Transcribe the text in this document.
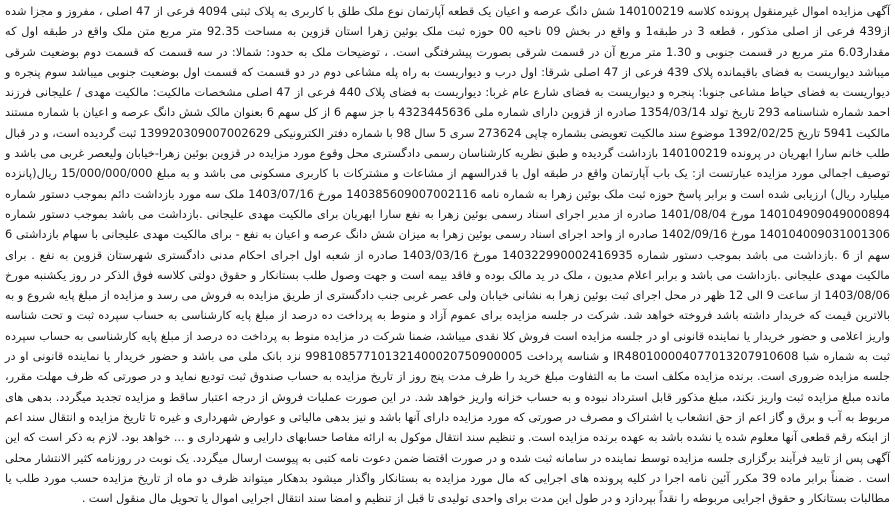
آگهی مزایده اموال غیرمنقول پرونده کلاسه 140100219 شش دانگ عرصه و اعیان یک قطعه آپارتمان نوع ملک طلق با کاربری به پلاک ثبتی 4094 فرعی از 47 اصلی ، مفروز و مجزا شده از439 فرعی از اصلی مذکور ، قطعه 3 در طبقه1 و واقع در بخش 09 ناحیه 00 حوزه ثبت ملک بوئین زهرا استان قزوین به مساحت 92.35 متر مربع متن ملک واقع در طبقه اول که مقدار6.03 متر مربع در قسمت جنوبی و 1.30 متر مربع آن در قسمت شرقی بصورت پیشرفتگی است. ، توضیحات ملک به حدود: شمالا: در سه قسمت که قسمت دوم بوضعیت شرقی میباشد دیواریست به فضای باقیمانده پلاک 439 فرعی از 47 اصلی شرقا: اول درب و دیواریست به راه پله مشاعی دوم در دو قسمت که قسمت اول بوضعیت جنوبی میباشد سوم پنجره و دیواریست به فضای حیاط مشاعی جنوبا: پنجره و دیواریست به فضای شارع عام غربا: دیواریست به فضای پلاک 440 فرعی از 47 اصلی مشخصات مالکیت: مالکیت مهدی / علیجانی فرزند احمد شماره شناسنامه 293 تاریخ تولد 1354/03/14 صادره از قزوین دارای شماره ملی 4323445636 با جز سهم 6 از کل سهم 6 بعنوان مالک شش دانگ عرصه و اعیان با شماره مستند مالکیت 5941 تاریخ 1392/02/25 موضوع سند مالکیت تعویضی بشماره چاپی 273624 سری 5 سال 98 با شماره دفتر الکترونیکی 139920309007002629 ثبت گردیده است، و در قبال طلب خانم سارا ابهریان در پرونده 140100219 بازداشت گردیده و طبق نظریه کارشناسان رسمی دادگستری محل وقوع مورد مزایده در قزوین بوئین زهرا-خیابان ولیعصر غربی می باشد و توصیف اجمالی مورد مزایده عبارتست از: یک باب آپارتمان واقع در طبقه اول با قدرالسهم از مشاعات و مشترکات با کاربری مسکونی می باشد و به مبلغ 15/000/000/000 ریال(پانزده میلیارد ریال) ارزیابی شده است و برابر پاسخ حوزه ثبت ملک بوئین زهرا به شماره نامه 140385609007002116 مورخ 1403/07/16 ملک سه مورد بازداشت دائم بموجب دستور شماره 140104909049000894 مورخ 1401/08/04 صادره از مدیر اجرای اسناد رسمی بوئین زهرا به نفع سارا ابهریان برای مالکیت مهدی علیجانی .بازداشت می باشد بموجب دستور شماره 140104009031001306 مورخ 1402/09/16 صادره از واحد اجرای اسناد رسمی بوئین زهرا به میزان شش دانگ عرصه و اعیان به نفع - برای مالکیت مهدی علیجانی با سهام بازداشتی 6 سهم از 6 .بازداشت می باشد بموجب دستور شماره 140322990002416935 مورخ 1403/03/16 صادره از شعبه اول اجرای احکام مدنی دادگستری شهرستان قزوین به نفع . برای مالکیت مهدی علیجانی .بازداشت می باشد و برابر اعلام مدیون ، ملک در ید مالک بوده و فاقد بیمه است و جهت وصول طلب بستانکار و حقوق دولتی کلاسه فوق الذکر در روز یکشنبه مورخ 1403/08/06 از ساعت 9 الی 12 ظهر در محل اجرای ثبت بوئین زهرا به نشانی خیابان ولی عصر غربی جنب دادگستری از طریق مزایده به فروش می رسد و مزایده از مبلغ پایه شروع و به بالاترین قیمت که خریدار داشته باشد فروخته خواهد شد. شرکت در جلسه مزایده برای عموم آزاد و منوط به پرداخت ده درصد از مبلغ پایه کارشناسی به حساب سپرده ثبت و تحت شناسه واریز اعلامی و حضور خریدار یا نماینده قانونی او در جلسه مزایده است فروش کلا نقدی میباشد، ضمنا شرکت در مزایده منوط به پرداخت ده درصد از مبلغ پایه کارشناسی به حساب سپرده ثبت به شماره شبا IR480100004077013207910608 و شناسه پرداخت 998108577101321400020750900005 نزد بانک ملی می باشد و حضور خریدار یا نماینده قانونی او در جلسه مزایده ضروری است. برنده مزایده مکلف است ما به التفاوت مبلغ خرید را ظرف مدت پنج روز از تاریخ مزایده به حساب صندوق ثبت تودیع نماید و در صورتی که ظرف مهلت مقرر، مانده مبلغ مزایده ثبت واریز نکند، مبلغ مذکور قابل استرداد نبوده و به حساب خزانه واریز خواهد شد. در این صورت عملیات فروش از درجه اعتبار ساقط و مزایده تجدید میگردد. بدهی های مربوط به آب و برق و گاز اعم از حق انشعاب یا اشتراک و مصرف در صورتی که مورد مزایده دارای آنها باشد و نیز بدهی مالیاتی و عوارض شهرداری و غیره تا تاریخ مزایده و انتقال سند اعم از اینکه رقم قطعی آنها معلوم شده یا نشده باشد به عهده برنده مزایده است. و تنظیم سند انتقال موکول به ارائه مفاصا حسابهای دارایی و شهرداری و ... خواهد بود. لازم به ذکر است که این آگهی پس از تایید فرآیند برگزاری جلسه مزایده توسط نماینده در سامانه ثبت شده و در صورت اقتضا ضمن دعوت نامه کتبی به پیوست ارسال میگردد. یک نوبت در روزنامه کثیر الانتشار محلی است . ضمناً برابر ماده 39 مکرر آئین نامه اجرا در کلیه پرونده های اجرایی که مال مورد مزایده به بستانکار واگذار میشود بدهکار میتواند ظرف دو ماه از تاریخ مزایده حسب مورد طلب یا مطالبات بستانکار و حقوق اجرایی مربوطه را نقداً بپردازد و در طول این مدت برای واحدی تولیدی تا قبل از تنظیم و امضا سند انتقال اجرایی اموال یا تحویل مال منقول است .
